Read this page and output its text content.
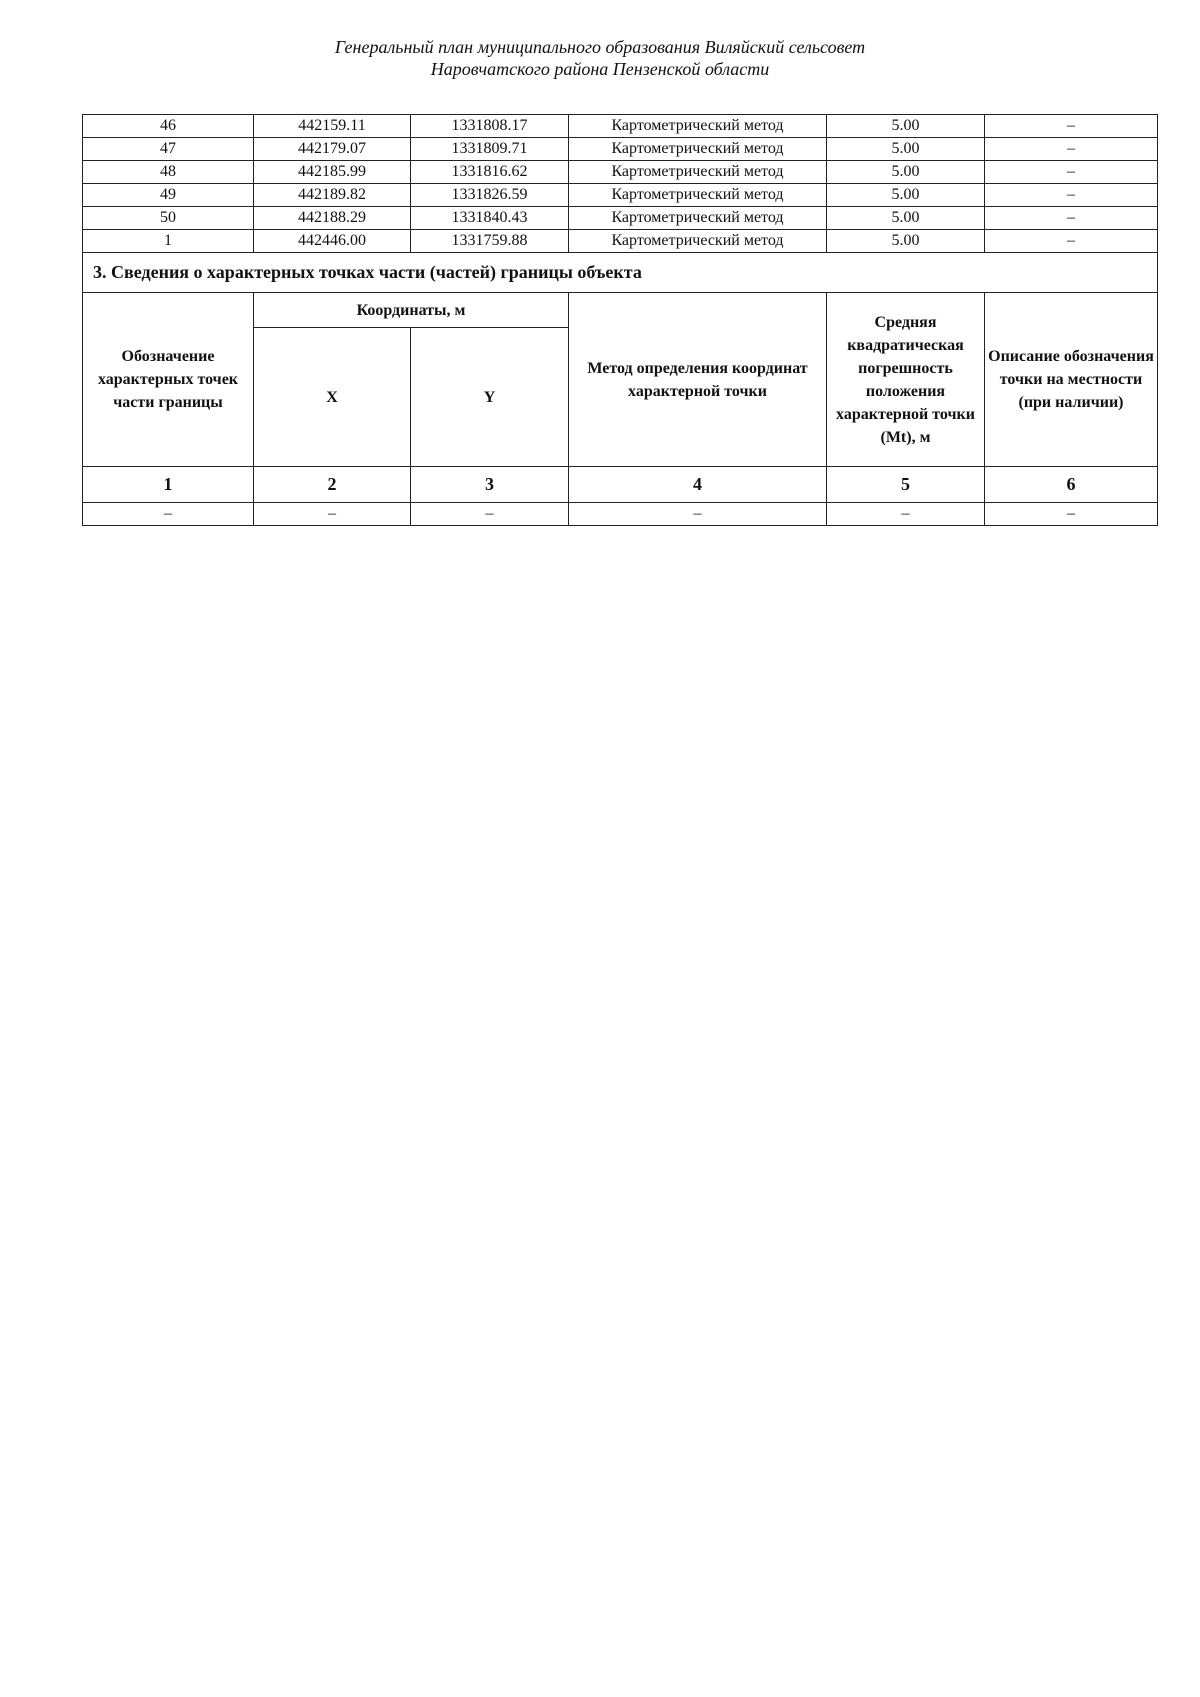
Генеральный план муниципального образования Виляйский сельсовет
Наровчатского района Пензенской области
46	442159.11	1331808.17	Картометрический метод	5.00	–
47	442179.07	1331809.71	Картометрический метод	5.00	–
48	442185.99	1331816.62	Картометрический метод	5.00	–
49	442189.82	1331826.59	Картометрический метод	5.00	–
50	442188.29	1331840.43	Картометрический метод	5.00	–
1	442446.00	1331759.88	Картометрический метод	5.00	–
3. Сведения о характерных точках части (частей) границы объекта					
Обозначение характерных точек части границы	Координаты, м		Метод определения координат характерной точки	Средняя квадратическая погрешность положения характерной точки (Mt), м	Описание обозначения точки на местности (при наличии)
	X	Y			
1	2	3	4	5	6
–	–	–	–	–	–
